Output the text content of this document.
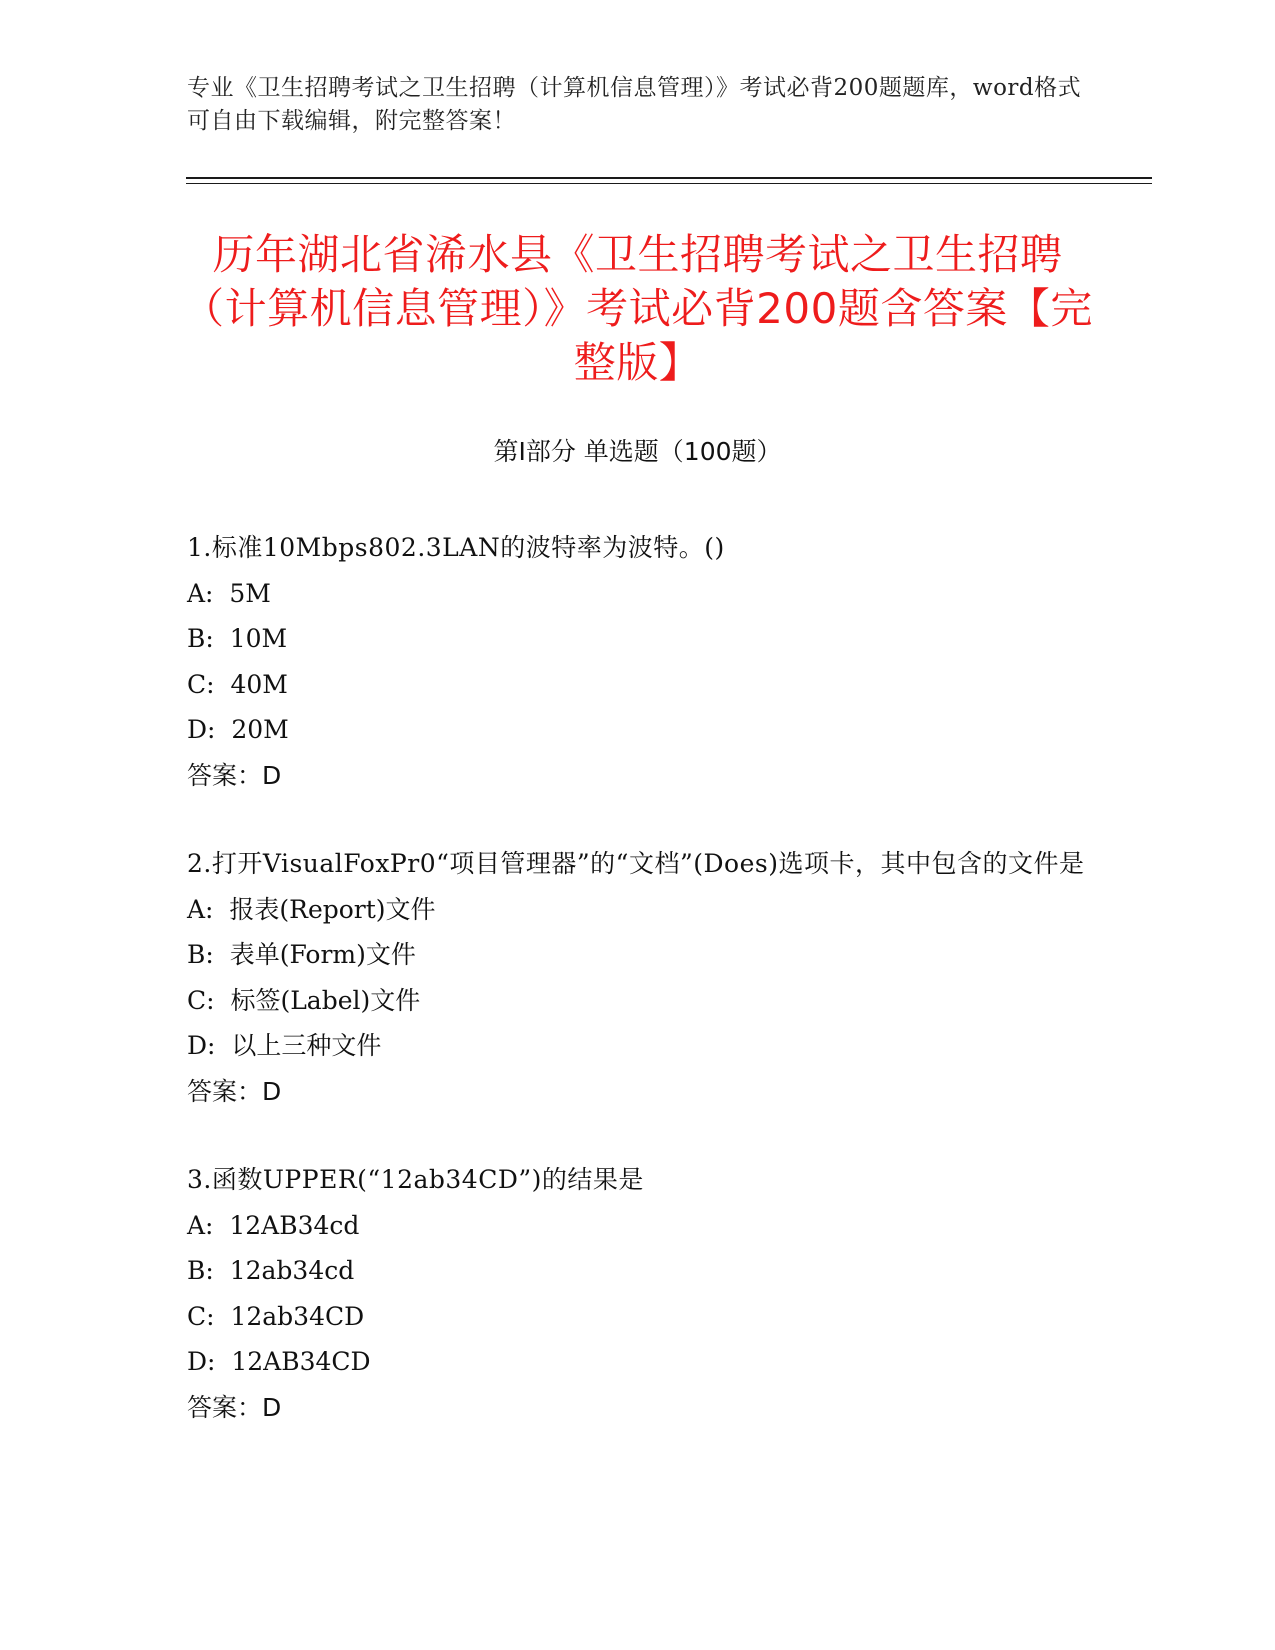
专业《卫生招聘考试之卫生招聘（计算机信息管理）》考试必背200题题库，word格式可自由下载编辑，附完整答案！
历年湖北省浠水县《卫生招聘考试之卫生招聘（计算机信息管理）》考试必背200题含答案【完整版】
第I部分 单选题（100题）

1.标准10Mbps802.3LAN的波特率为波特。()

A:  5M

B:  10M

C:  40M

D:  20M

答案：D

2.打开VisualFoxPr0“项目管理器”的“文档”(Does)选项卡，其中包含的文件是

A:  报表(Report)文件

B:  表单(Form)文件

C:  标签(Label)文件

D:  以上三种文件

答案：D

3.函数UPPER(“12ab34CD”)的结果是

A:  12AB34cd

B:  12ab34cd

C:  12ab34CD

D:  12AB34CD

答案：D
